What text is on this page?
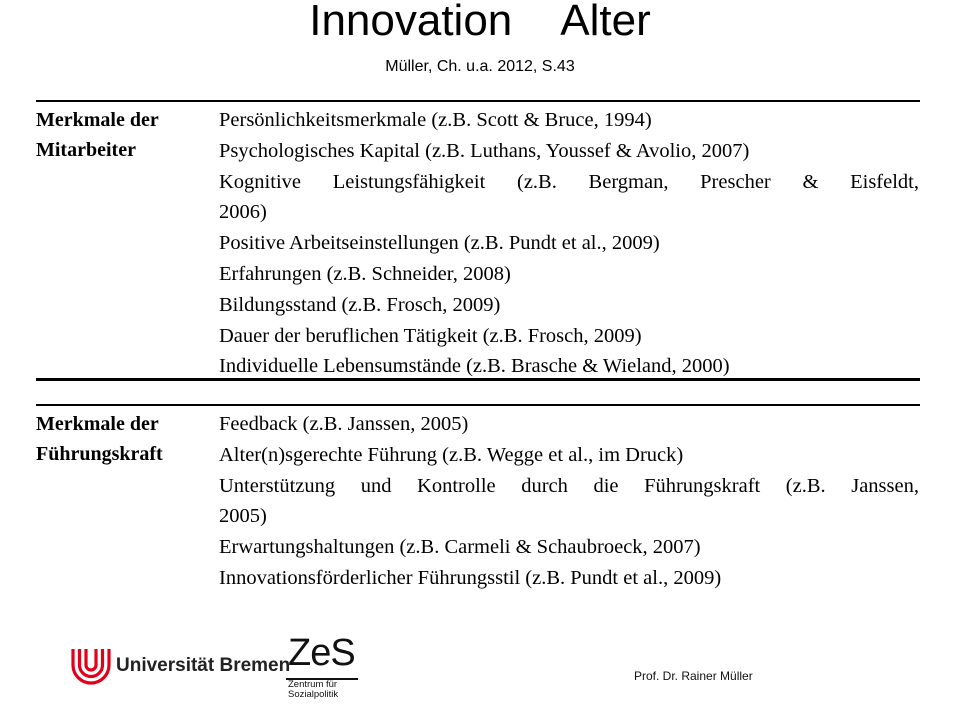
Innovation Alter
Müller, Ch. u.a. 2012, S.43
Merkmale der
Mitarbeiter
Persönlichkeitsmerkmale (z.B. Scott & Bruce, 1994)
Psychologisches Kapital (z.B. Luthans, Youssef & Avolio, 2007)
Kognitive Leistungsfähigkeit (z.B. Bergman, Prescher & Eisfeldt,
2006)
Positive Arbeitseinstellungen (z.B. Pundt et al., 2009)
Erfahrungen (z.B. Schneider, 2008)
Bildungsstand (z.B. Frosch, 2009)
Dauer der beruflichen Tätigkeit (z.B. Frosch, 2009)
Individuelle Lebensumstände (z.B. Brasche & Wieland, 2000)
Merkmale der
Führungskraft
Feedback (z.B. Janssen, 2005)
Alter(n)sgerechte Führung (z.B. Wegge et al., im Druck)
Unterstützung und Kontrolle durch die Führungskraft (z.B. Janssen,
2005)
Erwartungshaltungen (z.B. Carmeli & Schaubroeck, 2007)
Innovationsförderlicher Führungsstil (z.B. Pundt et al., 2009)
Universität Bremen
ZeS
Zentrum für
Sozialpolitik
Prof. Dr. Rainer Müller
